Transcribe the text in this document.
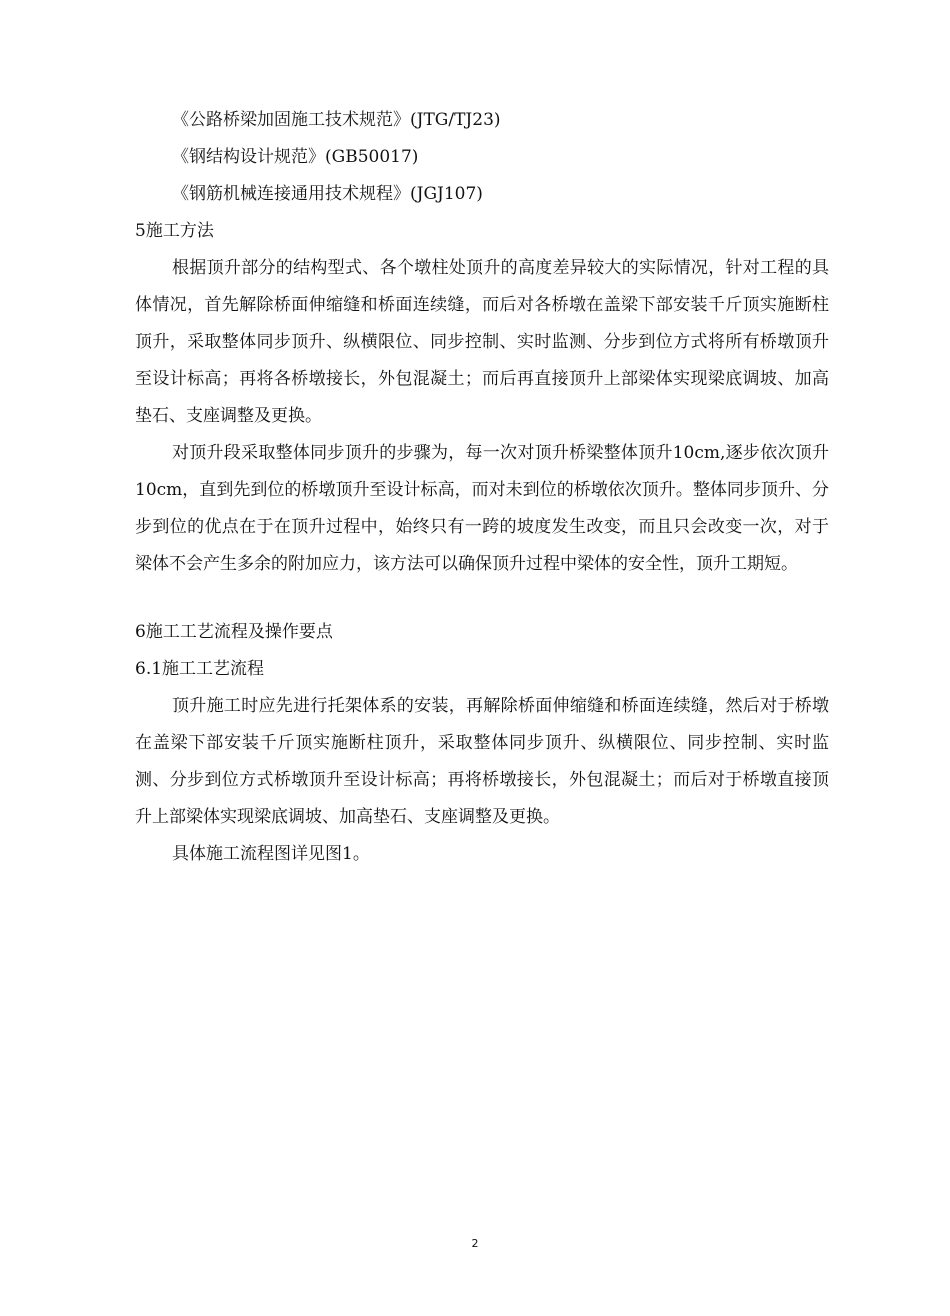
《公路桥梁加固施工技术规范》(JTG/TJ23)
《钢结构设计规范》(GB50017)
《钢筋机械连接通用技术规程》(JGJ107)
5施工方法

根据顶升部分的结构型式、各个墩柱处顶升的高度差异较大的实际情况，针对工程的具体情况，首先解除桥面伸缩缝和桥面连续缝，而后对各桥墩在盖梁下部安装千斤顶实施断柱顶升，采取整体同步顶升、纵横限位、同步控制、实时监测、分步到位方式将所有桥墩顶升至设计标高；再将各桥墩接长，外包混凝土；而后再直接顶升上部梁体实现梁底调坡、加高垫石、支座调整及更换。

对顶升段采取整体同步顶升的步骤为，每一次对顶升桥梁整体顶升10cm,逐步依次顶升10cm，直到先到位的桥墩顶升至设计标高，而对未到位的桥墩依次顶升。整体同步顶升、分步到位的优点在于在顶升过程中，始终只有一跨的坡度发生改变，而且只会改变一次，对于梁体不会产生多余的附加应力，该方法可以确保顶升过程中梁体的安全性，顶升工期短。

6施工工艺流程及操作要点
6.1施工工艺流程

顶升施工时应先进行托架体系的安装，再解除桥面伸缩缝和桥面连续缝，然后对于桥墩在盖梁下部安装千斤顶实施断柱顶升，采取整体同步顶升、纵横限位、同步控制、实时监测、分步到位方式桥墩顶升至设计标高；再将桥墩接长，外包混凝土；而后对于桥墩直接顶升上部梁体实现梁底调坡、加高垫石、支座调整及更换。

具体施工流程图详见图1。

2
